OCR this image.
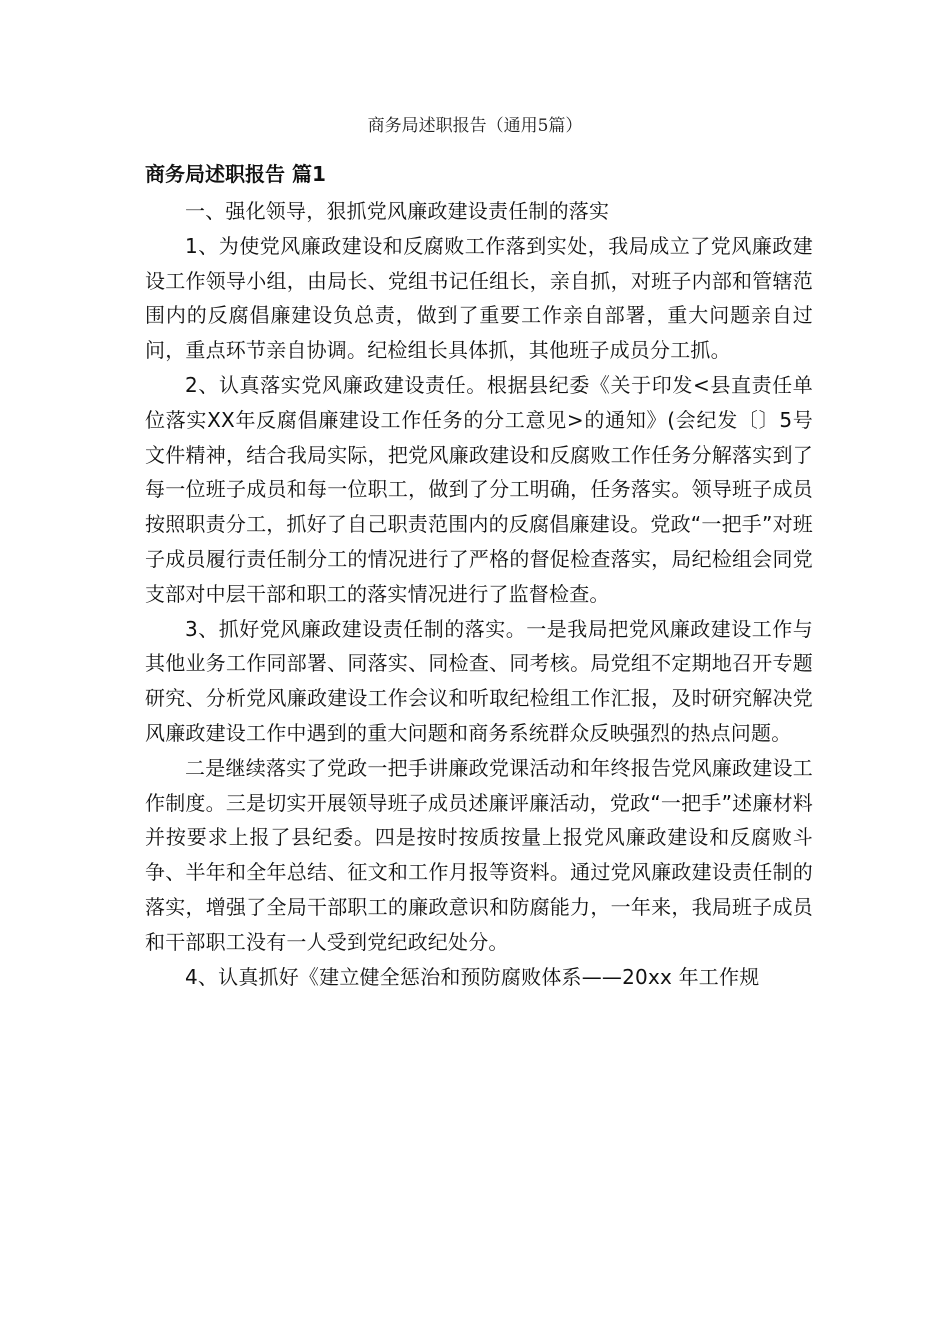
商务局述职报告（通用5篇）

商务局述职报告 篇1

一、强化领导，狠抓党风廉政建设责任制的落实

1、为使党风廉政建设和反腐败工作落到实处，我局成立了党风廉政建设工作领导小组，由局长、党组书记任组长，亲自抓，对班子内部和管辖范围内的反腐倡廉建设负总责，做到了重要工作亲自部署，重大问题亲自过问，重点环节亲自协调。纪检组长具体抓，其他班子成员分工抓。

2、认真落实党风廉政建设责任。根据县纪委《关于印发<县直责任单位落实XX年反腐倡廉建设工作任务的分工意见>的通知》(会纪发〔〕5号文件精神，结合我局实际，把党风廉政建设和反腐败工作任务分解落实到了每一位班子成员和每一位职工，做到了分工明确，任务落实。领导班子成员按照职责分工，抓好了自己职责范围内的反腐倡廉建设。党政“一把手”对班子成员履行责任制分工的情况进行了严格的督促检查落实，局纪检组会同党支部对中层干部和职工的落实情况进行了监督检查。

3、抓好党风廉政建设责任制的落实。一是我局把党风廉政建设工作与其他业务工作同部署、同落实、同检查、同考核。局党组不定期地召开专题研究、分析党风廉政建设工作会议和听取纪检组工作汇报，及时研究解决党风廉政建设工作中遇到的重大问题和商务系统群众反映强烈的热点问题。

二是继续落实了党政一把手讲廉政党课活动和年终报告党风廉政建设工作制度。三是切实开展领导班子成员述廉评廉活动，党政“一把手”述廉材料并按要求上报了县纪委。四是按时按质按量上报党风廉政建设和反腐败斗争、半年和全年总结、征文和工作月报等资料。通过党风廉政建设责任制的落实，增强了全局干部职工的廉政意识和防腐能力，一年来，我局班子成员和干部职工没有一人受到党纪政纪处分。

4、认真抓好《建立健全惩治和预防腐败体系——20xx 年工作规
